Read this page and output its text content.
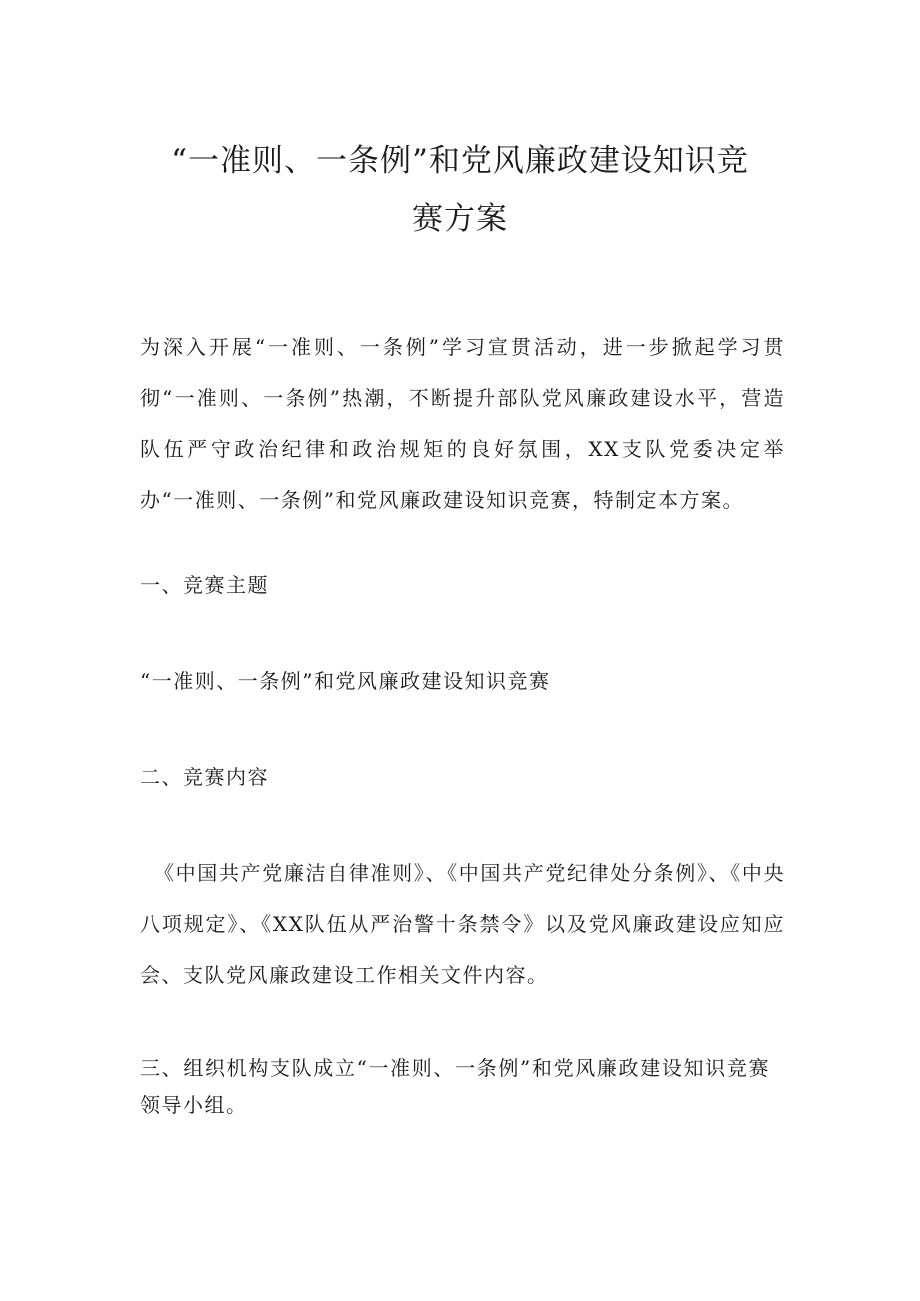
“一准则、一条例”和党风廉政建设知识竞
赛方案

为深入开展“一准则、一条例”学习宣贯活动，进一步掀起学习贯彻“一准则、一条例”热潮，不断提升部队党风廉政建设水平，营造队伍严守政治纪律和政治规矩的良好氛围，XX支队党委决定举办“一准则、一条例”和党风廉政建设知识竞赛，特制定本方案。

一、竞赛主题

“一准则、一条例”和党风廉政建设知识竞赛

二、竞赛内容

《中国共产党廉洁自律准则》、《中国共产党纪律处分条例》、《中央八项规定》、《XX队伍从严治警十条禁令》以及党风廉政建设应知应会、支队党风廉政建设工作相关文件内容。

三、组织机构支队成立“一准则、一条例”和党风廉政建设知识竞赛领导小组。
